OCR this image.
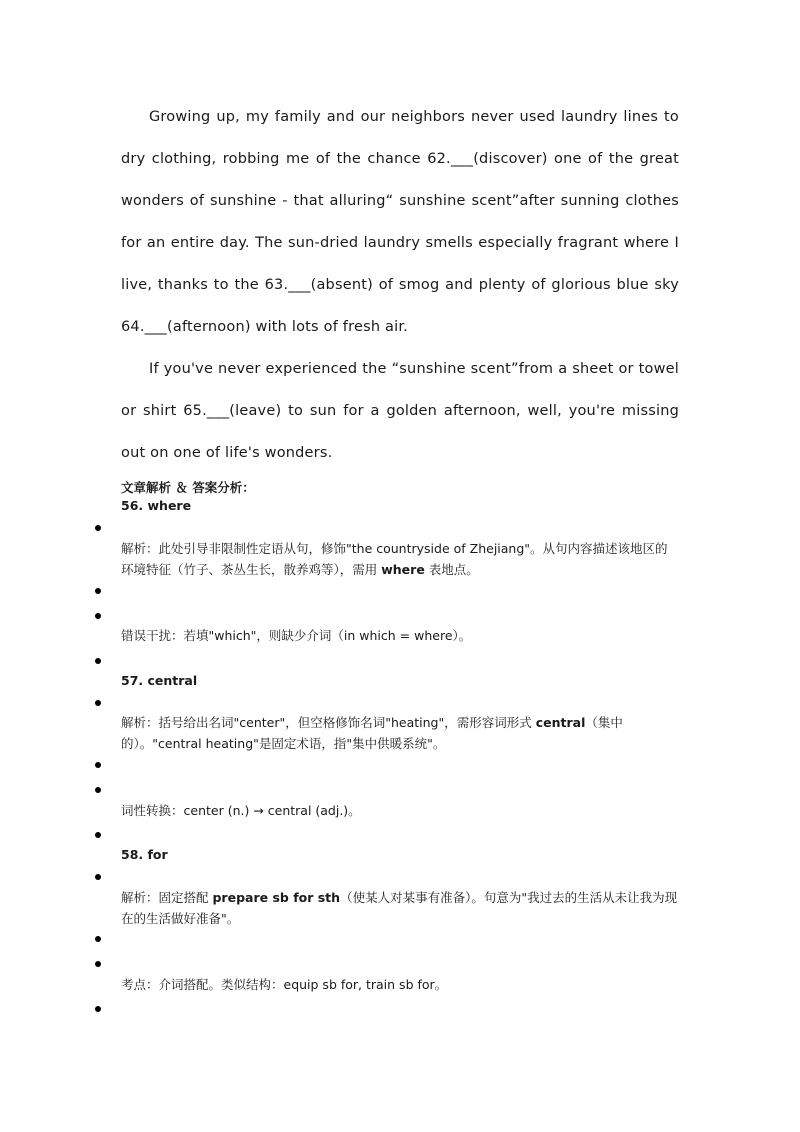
Growing up, my family and our neighbors never used laundry lines to dry clothing, robbing me of the chance 62.___(discover) one of the great wonders of sunshine - that alluring“ sunshine scent”after sunning clothes for an entire day. The sun-dried laundry smells especially fragrant where I live, thanks to the 63.___(absent) of smog and plenty of glorious blue sky 64.___(afternoon) with lots of fresh air.

If you've never experienced the “sunshine scent”from a sheet or towel or shirt 65.___(leave) to sun for a golden afternoon, well, you're missing out on one of life's wonders.

文章解析 ＆ 答案分析：
56. where

解析：此处引导非限制性定语从句，修饰"the countryside of Zhejiang"。从句内容描述该地区的环境特征（竹子、茶丛生长，散养鸡等），需用 where 表地点。

错误干扰：若填"which"，则缺少介词（in which = where）。

57. central

解析：括号给出名词"center"，但空格修饰名词"heating"，需形容词形式 central（集中的）。"central heating"是固定术语，指"集中供暖系统"。

词性转换：center (n.) → central (adj.)。

58. for

解析：固定搭配 prepare sb for sth（使某人对某事有准备）。句意为"我过去的生活从未让我为现在的生活做好准备"。

考点：介词搭配。类似结构：equip sb for, train sb for。
